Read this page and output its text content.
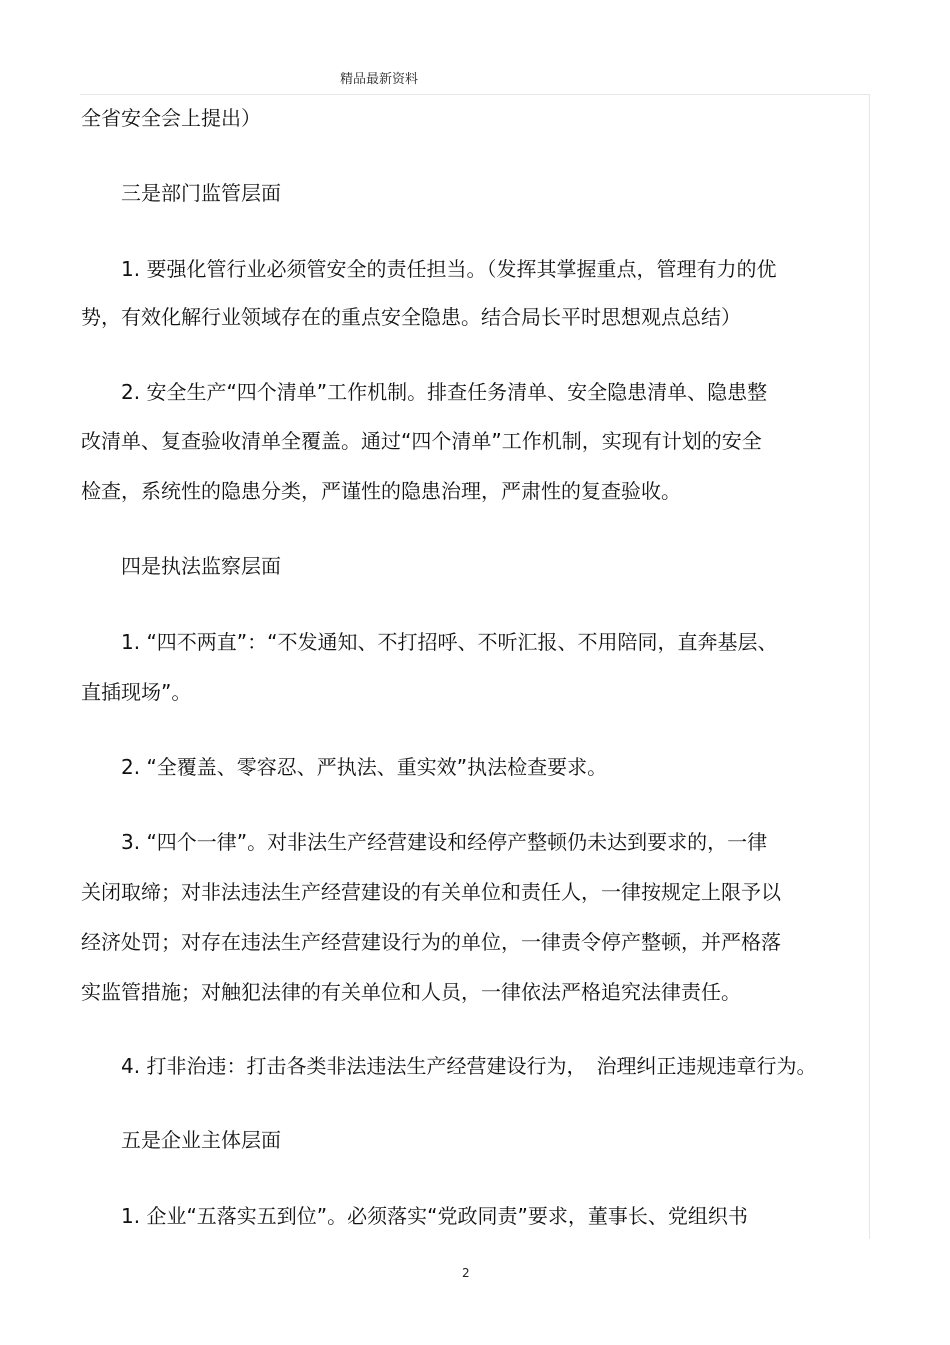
精品最新资料
全省安全会上提出）
三是部门监管层面
1. 要强化管行业必须管安全的责任担当。（发挥其掌握重点，管理有力的优
势，有效化解行业领域存在的重点安全隐患。结合局长平时思想观点总结）
2. 安全生产“四个清单”工作机制。排查任务清单、安全隐患清单、隐患整
改清单、复查验收清单全覆盖。通过“四个清单”工作机制，实现有计划的安全
检查，系统性的隐患分类，严谨性的隐患治理，严肃性的复查验收。
四是执法监察层面
1. “四不两直”：“不发通知、不打招呼、不听汇报、不用陪同，直奔基层、
直插现场”。
2. “全覆盖、零容忍、严执法、重实效”执法检查要求。
3. “四个一律”。对非法生产经营建设和经停产整顿仍未达到要求的，一律
关闭取缔；对非法违法生产经营建设的有关单位和责任人，一律按规定上限予以
经济处罚；对存在违法生产经营建设行为的单位，一律责令停产整顿，并严格落
实监管措施；对触犯法律的有关单位和人员，一律依法严格追究法律责任。
4. 打非治违：打击各类非法违法生产经营建设行为，　治理纠正违规违章行为。
五是企业主体层面
1. 企业“五落实五到位”。必须落实“党政同责”要求，董事长、党组织书
2
